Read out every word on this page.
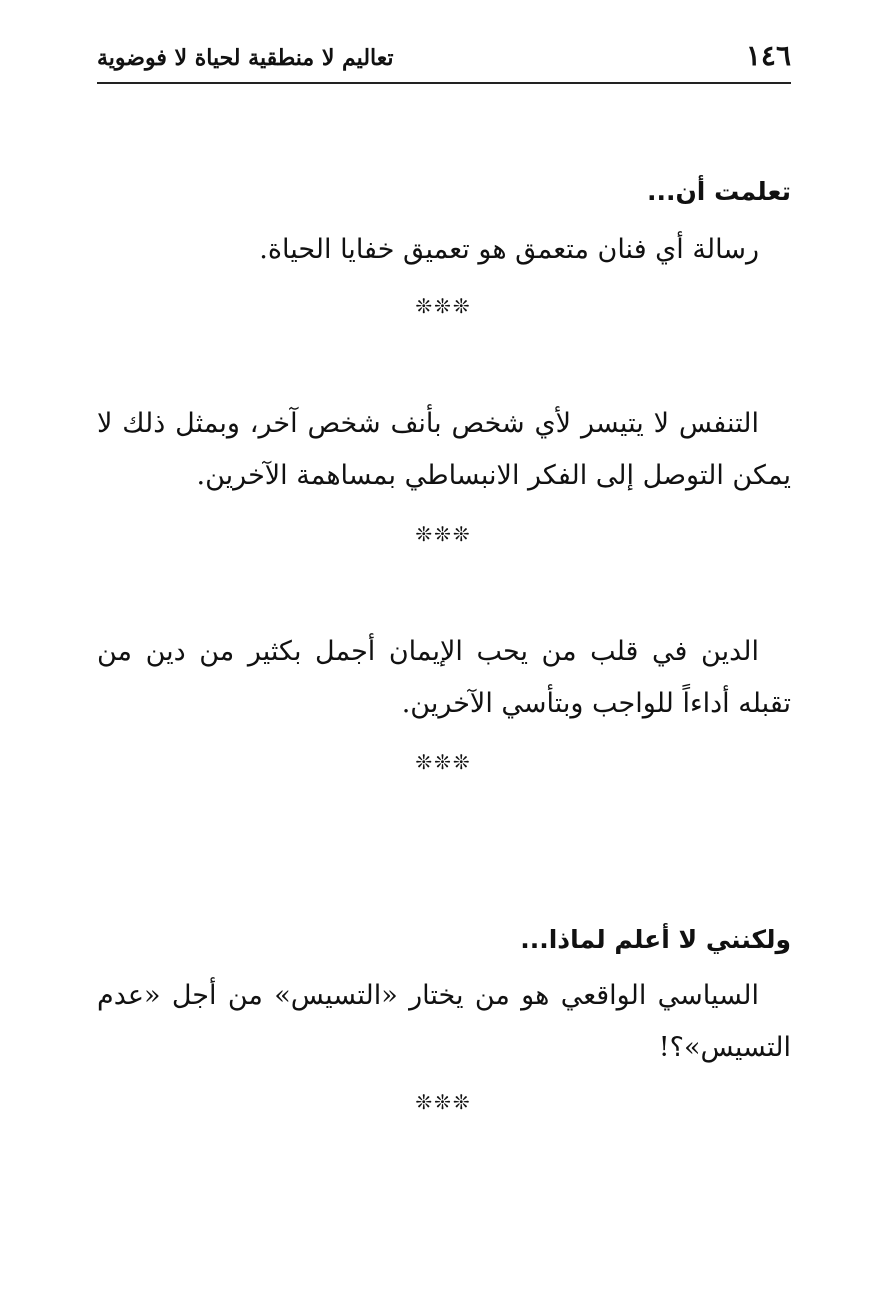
١٤٦
تعاليم لا منطقية لحياة لا فوضوية
تعلمت أن...
رسالة أي فنان متعمق هو تعميق خفايا الحياة.
❊❊❊
التنفس لا يتيسر لأي شخص بأنف شخص آخر، وبمثل ذلك لا يمكن التوصل إلى الفكر الانبساطي بمساهمة الآخرين.
❊❊❊
الدين في قلب من يحب الإيمان أجمل بكثير من دين من تقبله أداءاً للواجب وبتأسي الآخرين.
❊❊❊
ولكنني لا أعلم لماذا...
السياسي الواقعي هو من يختار «التسيس» من أجل «عدم التسيس»؟!
❊❊❊
